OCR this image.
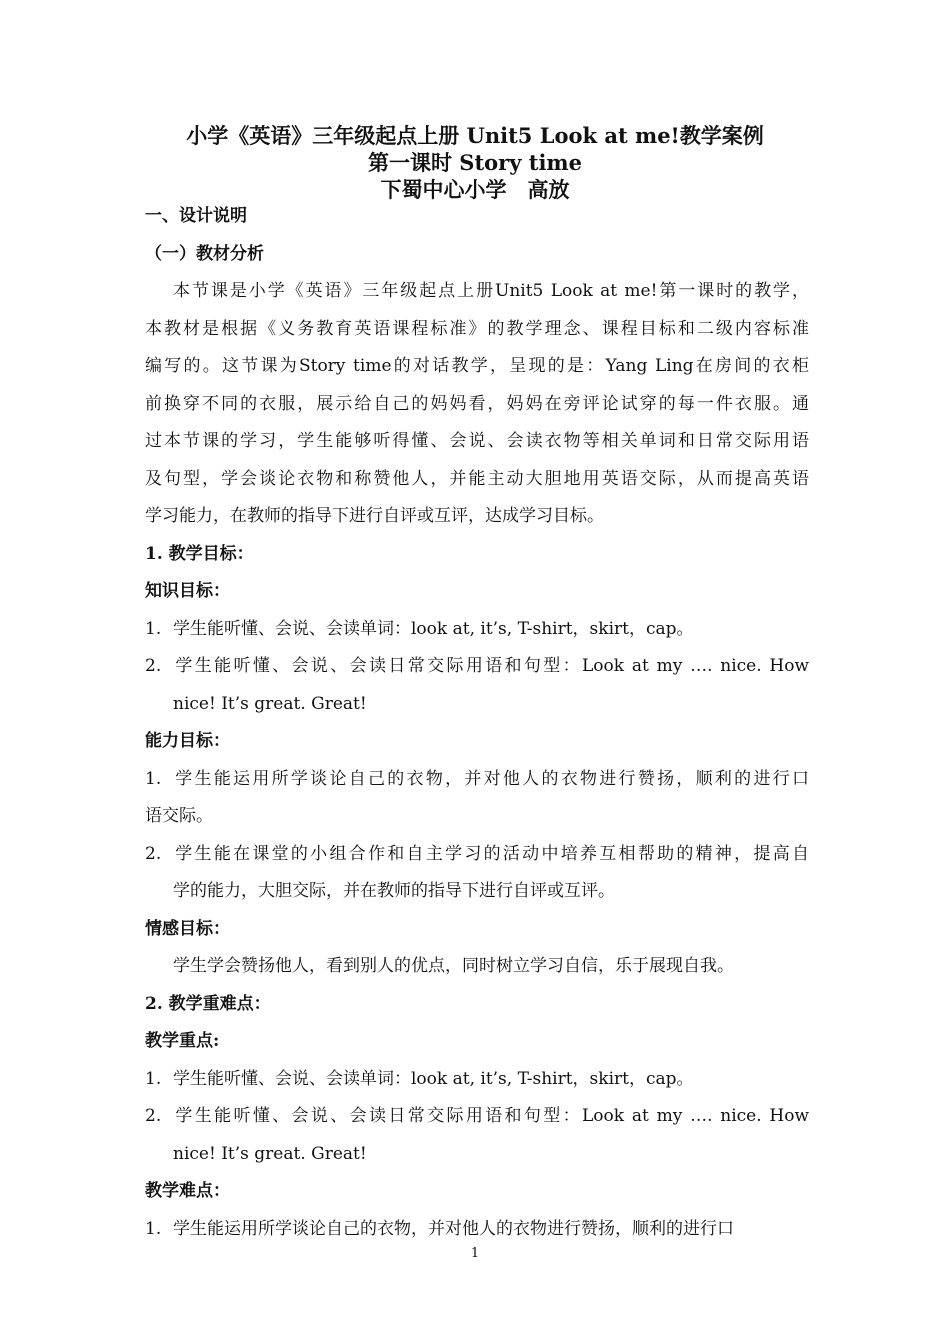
小学《英语》三年级起点上册 Unit5 Look at me!教学案例
第一课时 Story time
下蜀中心小学　高放
一、设计说明
（一）教材分析
本节课是小学《英语》三年级起点上册Unit5 Look at me!第一课时的教学，
本教材是根据《义务教育英语课程标准》的教学理念、课程目标和二级内容标准
编写的。这节课为Story time的对话教学，呈现的是：Yang Ling在房间的衣柜
前换穿不同的衣服，展示给自己的妈妈看，妈妈在旁评论试穿的每一件衣服。通
过本节课的学习，学生能够听得懂、会说、会读衣物等相关单词和日常交际用语
及句型，学会谈论衣物和称赞他人，并能主动大胆地用英语交际，从而提高英语
学习能力，在教师的指导下进行自评或互评，达成学习目标。
1. 教学目标：
知识目标：
1. 学生能听懂、会说、会读单词：look at, it’s, T-shirt，skirt，cap。
2. 学生能听懂、会说、会读日常交际用语和句型：Look at my …. nice. How
nice! It’s great. Great!
能力目标：
1. 学生能运用所学谈论自己的衣物，并对他人的衣物进行赞扬，顺利的进行口
语交际。
2. 学生能在课堂的小组合作和自主学习的活动中培养互相帮助的精神，提高自
学的能力，大胆交际，并在教师的指导下进行自评或互评。
情感目标：
学生学会赞扬他人，看到别人的优点，同时树立学习自信，乐于展现自我。
2. 教学重难点：
教学重点:
1. 学生能听懂、会说、会读单词：look at, it’s, T-shirt，skirt，cap。
2. 学生能听懂、会说、会读日常交际用语和句型：Look at my …. nice. How
nice! It’s great. Great!
教学难点：
1. 学生能运用所学谈论自己的衣物，并对他人的衣物进行赞扬，顺利的进行口
1
